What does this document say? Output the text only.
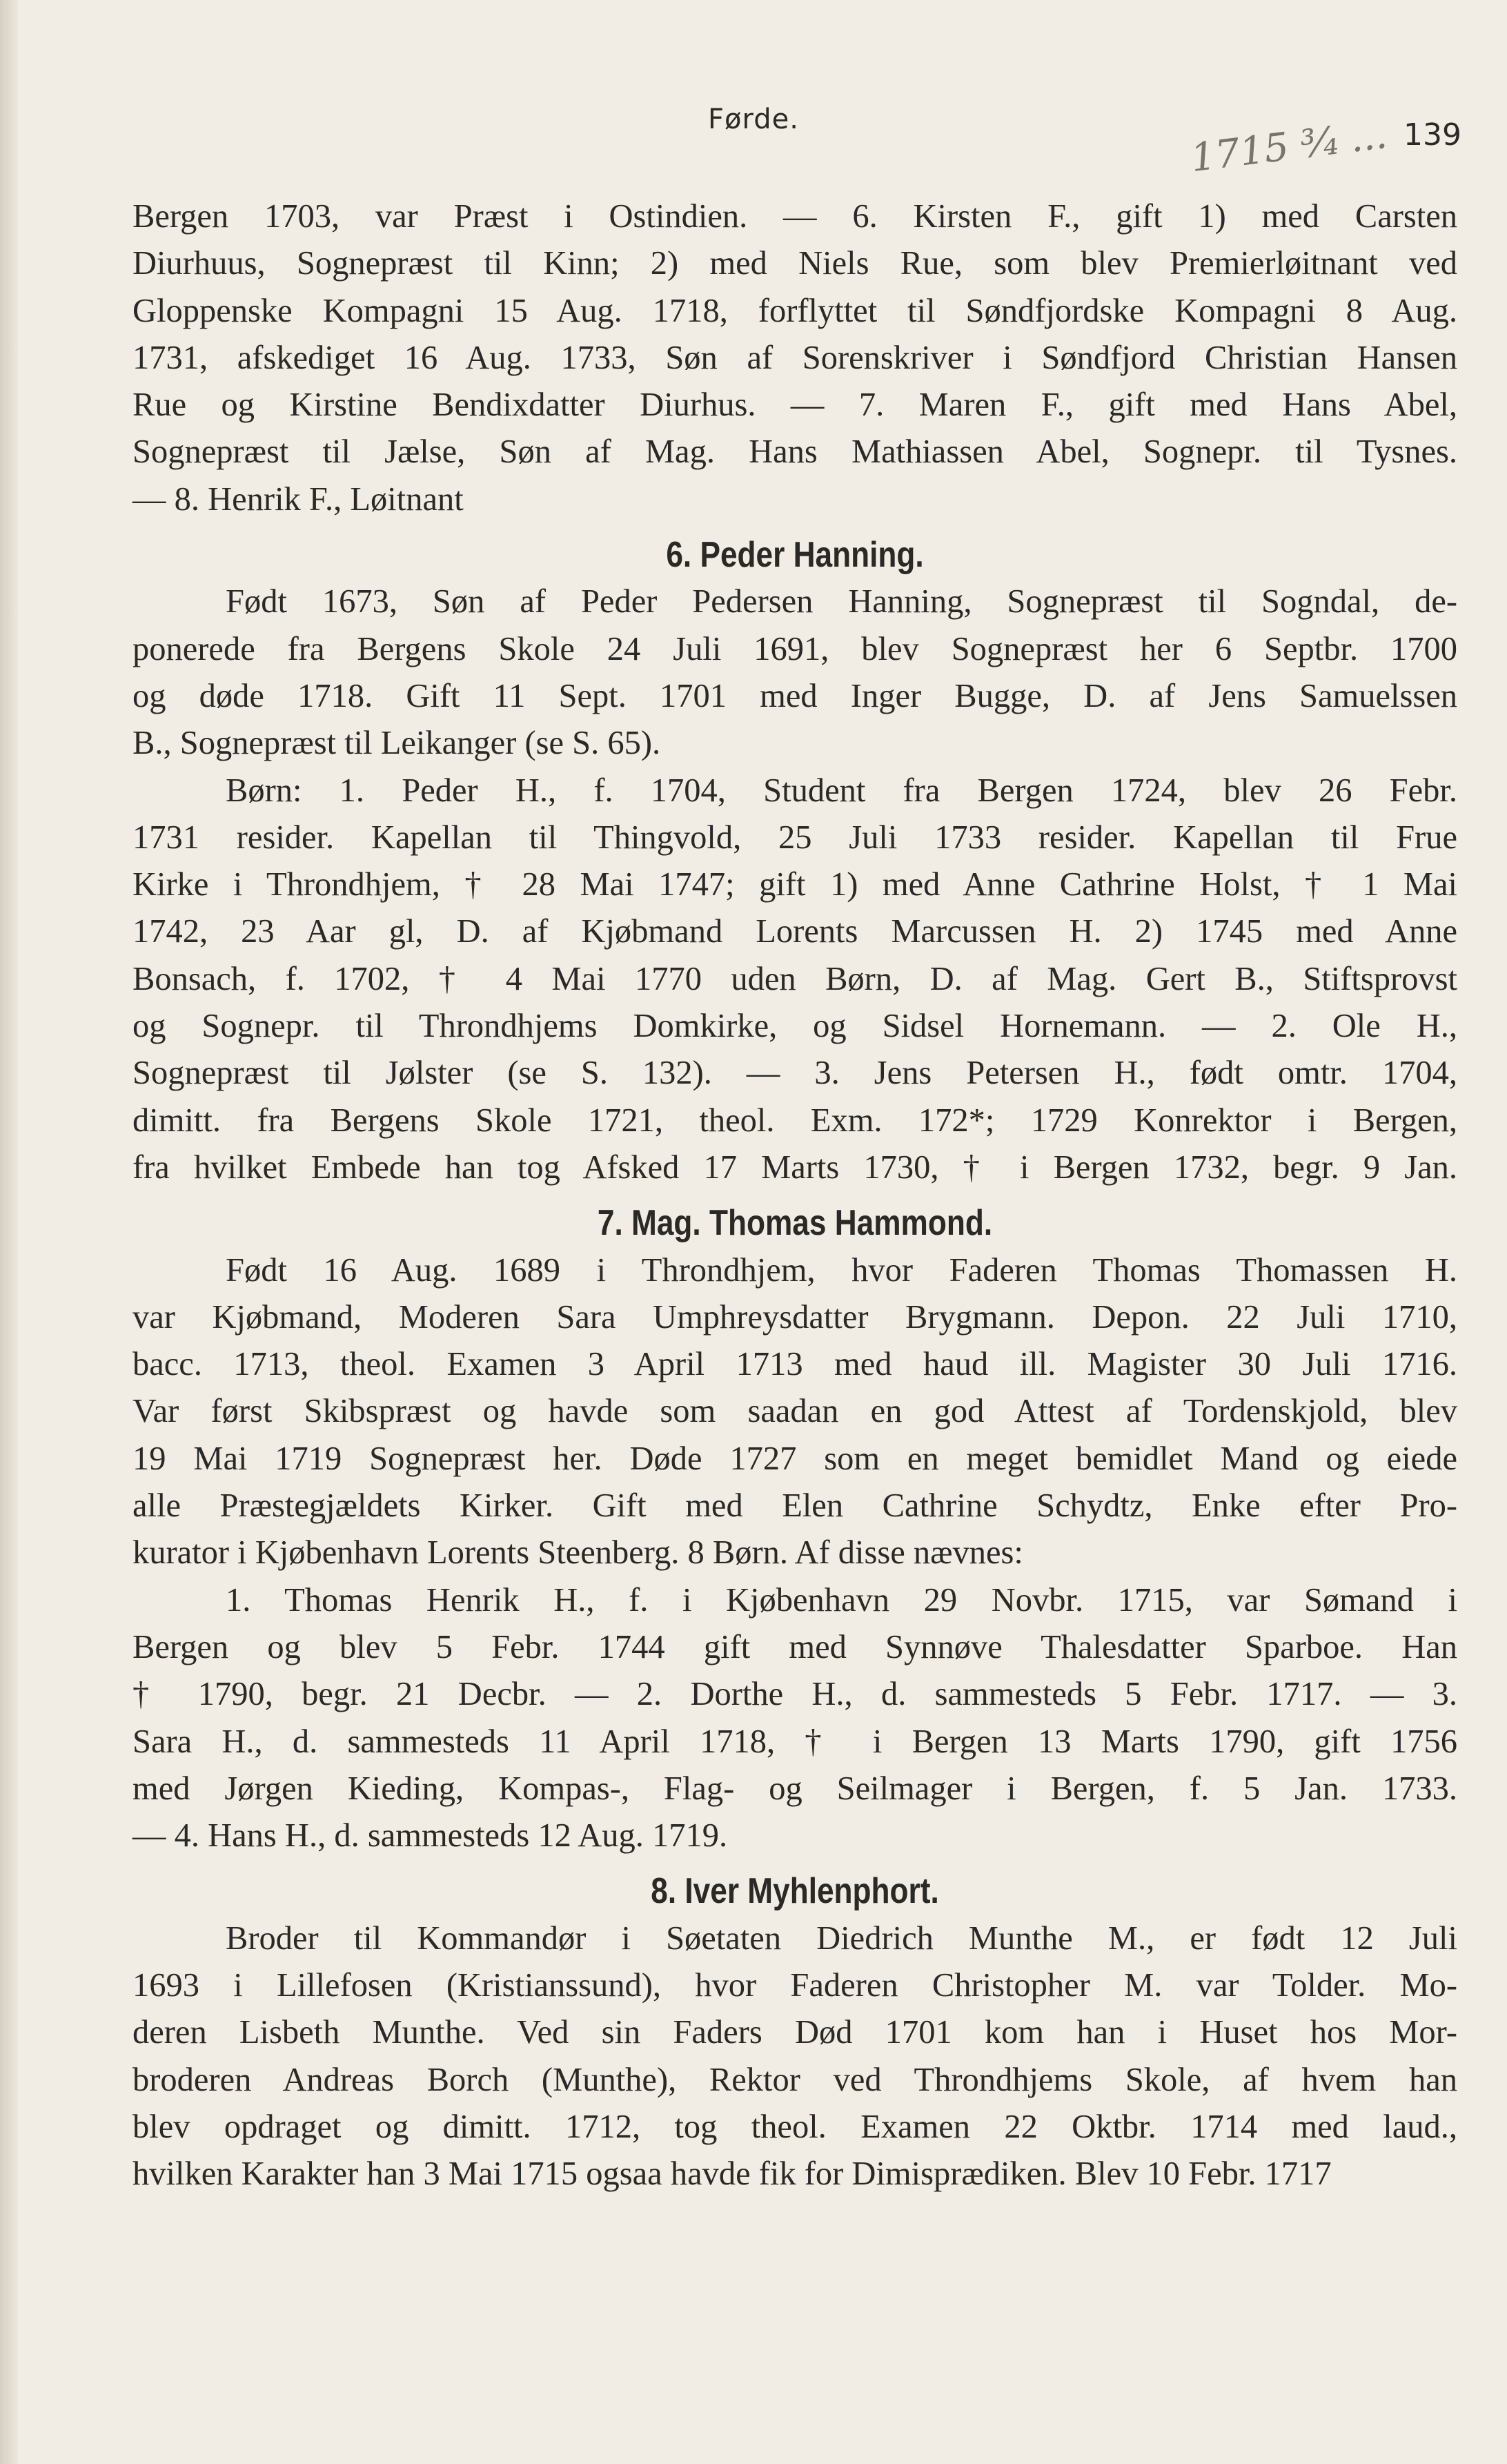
Førde.	139
1715 ³⁄₄ ...

Bergen 1703, var Præst i Ostindien. — 6. Kirsten F., gift 1) med Carsten
Diurhuus, Sognepræst til Kinn; 2) med Niels Rue, som blev Premierløitnant ved
Gloppenske Kompagni 15 Aug. 1718, forflyttet til Søndfjordske Kompagni 8 Aug.
1731, afskediget 16 Aug. 1733, Søn af Sorenskriver i Søndfjord Christian Hansen
Rue og Kirstine Bendixdatter Diurhus. — 7. Maren F., gift med Hans Abel,
Sognepræst til Jælse, Søn af Mag. Hans Mathiassen Abel, Sognepr. til Tysnes.
— 8. Henrik F., Løitnant

6. Peder Hanning.

Født 1673, Søn af Peder Pedersen Hanning, Sognepræst til Sogndal, de-
ponerede fra Bergens Skole 24 Juli 1691, blev Sognepræst her 6 Septbr. 1700
og døde 1718. Gift 11 Sept. 1701 med Inger Bugge, D. af Jens Samuelssen
B., Sognepræst til Leikanger (se S. 65).

Børn: 1. Peder H., f. 1704, Student fra Bergen 1724, blev 26 Febr.
1731 resider. Kapellan til Thingvold, 25 Juli 1733 resider. Kapellan til Frue
Kirke i Throndhjem, † 28 Mai 1747; gift 1) med Anne Cathrine Holst, † 1 Mai
1742, 23 Aar gl, D. af Kjøbmand Lorents Marcussen H. 2) 1745 med Anne
Bonsach, f. 1702, † 4 Mai 1770 uden Børn, D. af Mag. Gert B., Stiftsprovst
og Sognepr. til Throndhjems Domkirke, og Sidsel Hornemann. — 2. Ole H.,
Sognepræst til Jølster (se S. 132). — 3. Jens Petersen H., født omtr. 1704,
dimitt. fra Bergens Skole 1721, theol. Exm. 172*; 1729 Konrektor i Bergen,
fra hvilket Embede han tog Afsked 17 Marts 1730, † i Bergen 1732, begr. 9 Jan.

7. Mag. Thomas Hammond.

Født 16 Aug. 1689 i Throndhjem, hvor Faderen Thomas Thomassen H.
var Kjøbmand, Moderen Sara Umphreysdatter Brygmann. Depon. 22 Juli 1710,
bacc. 1713, theol. Examen 3 April 1713 med haud ill. Magister 30 Juli 1716.
Var først Skibspræst og havde som saadan en god Attest af Tordenskjold, blev
19 Mai 1719 Sognepræst her. Døde 1727 som en meget bemidlet Mand og eiede
alle Præstegjældets Kirker. Gift med Elen Cathrine Schydtz, Enke efter Pro-
kurator i Kjøbenhavn Lorents Steenberg. 8 Børn. Af disse nævnes:

1. Thomas Henrik H., f. i Kjøbenhavn 29 Novbr. 1715, var Sømand i
Bergen og blev 5 Febr. 1744 gift med Synnøve Thalesdatter Sparboe. Han
† 1790, begr. 21 Decbr. — 2. Dorthe H., d. sammesteds 5 Febr. 1717. — 3.
Sara H., d. sammesteds 11 April 1718, † i Bergen 13 Marts 1790, gift 1756
med Jørgen Kieding, Kompas-, Flag- og Seilmager i Bergen, f. 5 Jan. 1733.
— 4. Hans H., d. sammesteds 12 Aug. 1719.

8. Iver Myhlenphort.

Broder til Kommandør i Søetaten Diedrich Munthe M., er født 12 Juli
1693 i Lillefosen (Kristianssund), hvor Faderen Christopher M. var Tolder. Mo-
deren Lisbeth Munthe. Ved sin Faders Død 1701 kom han i Huset hos Mor-
broderen Andreas Borch (Munthe), Rektor ved Throndhjems Skole, af hvem han
blev opdraget og dimitt. 1712, tog theol. Examen 22 Oktbr. 1714 med laud.,
hvilken Karakter han 3 Mai 1715 ogsaa havde fik for Dimisprædiken. Blev 10 Febr. 1717
